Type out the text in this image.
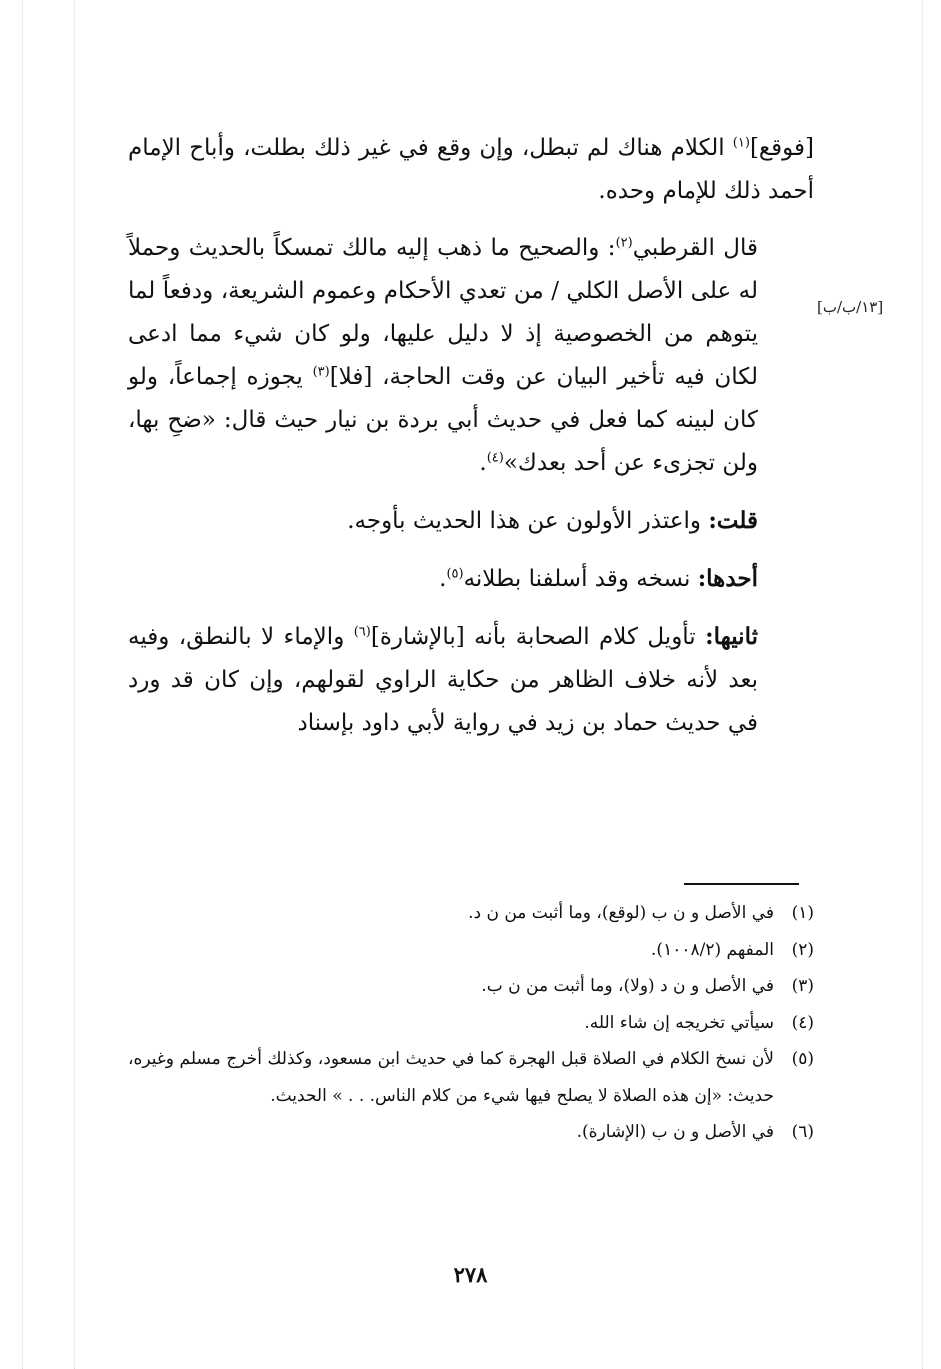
[١٣/ب/ب]

[فوقع]$^{(١)}$ الكلام هناك لم تبطل، وإن وقع في غير ذلك بطلت، وأباح الإمام أحمد ذلك للإمام وحده.

قال القرطبي$^{(٢)}$: والصحيح ما ذهب إليه مالك تمسكاً بالحديث وحملاً له على الأصل الكلي / من تعدي الأحكام وعموم الشريعة، ودفعاً لما يتوهم من الخصوصية إذ لا دليل عليها، ولو كان شيء مما ادعى لكان فيه تأخير البيان عن وقت الحاجة، [فلا]$^{(٣)}$ يجوزه إجماعاً، ولو كان لبينه كما فعل في حديث أبي بردة بن نيار حيث قال: «ضحِ بها، ولن تجزىء عن أحد بعدك»$^{(٤)}$.

قلت: واعتذر الأولون عن هذا الحديث بأوجه.

أحدها: نسخه وقد أسلفنا بطلانه$^{(٥)}$.

ثانيها: تأويل كلام الصحابة بأنه [بالإشارة]$^{(٦)}$ والإماء لا بالنطق، وفيه بعد لأنه خلاف الظاهر من حكاية الراوي لقولهم، وإن كان قد ورد في حديث حماد بن زيد في رواية لأبي داود بإسناد

(١)
في الأصل و ن ب (لوقع)، وما أثبت من ن د.
(٢)
المفهم (١٠٠٨/٢).
(٣)
في الأصل و ن د (ولا)، وما أثبت من ن ب.
(٤)
سيأتي تخريجه إن شاء الله.
(٥)
لأن نسخ الكلام في الصلاة قبل الهجرة كما في حديث ابن مسعود، وكذلك أخرج مسلم وغيره، حديث: «إن هذه الصلاة لا يصلح فيها شيء من كلام الناس. . . » الحديث.
(٦)
في الأصل و ن ب (الإشارة).
٢٧٨
